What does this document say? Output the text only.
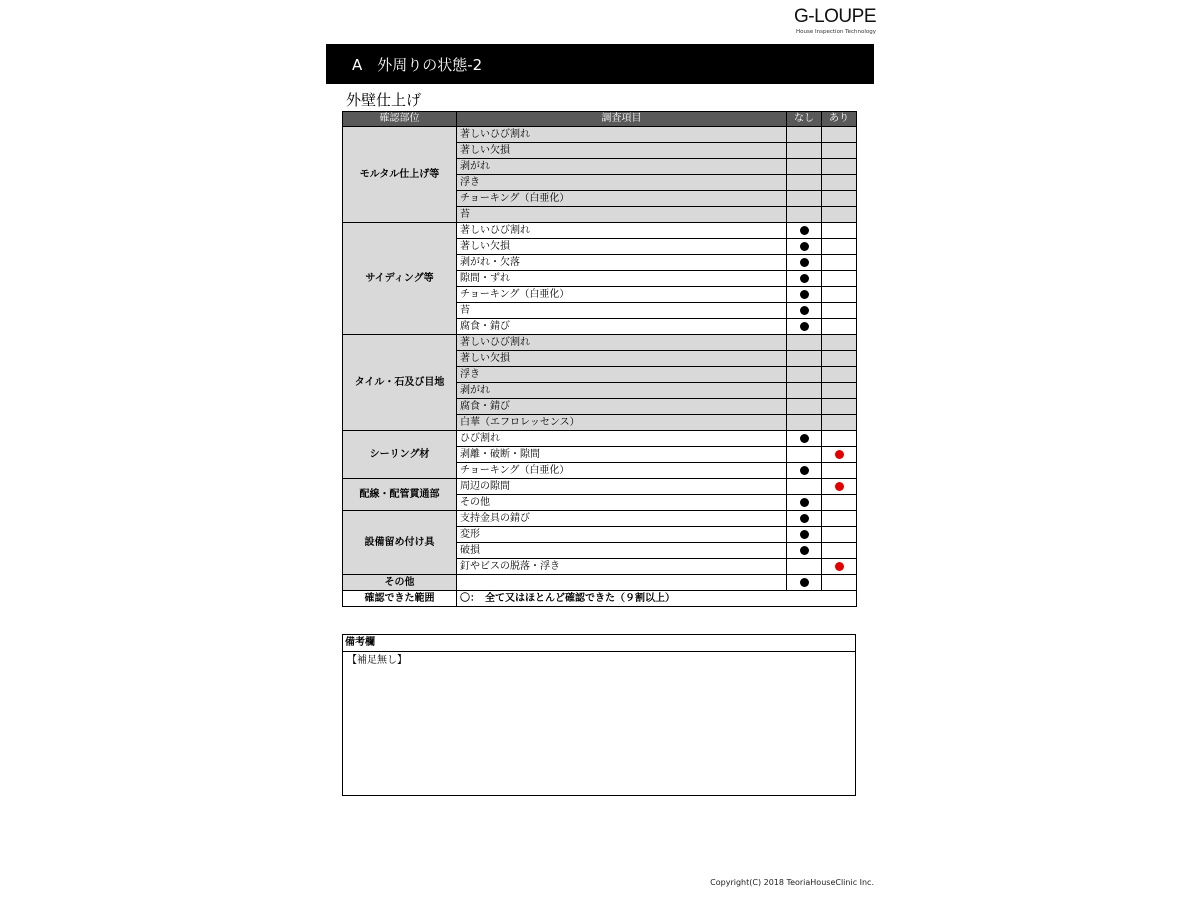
G-LOUPE
House Inspection Technology
A　外周りの状態-2
外壁仕上げ
確認部位	調査項目	なし	あり
モルタル仕上げ等	著しいひび割れ		
	著しい欠損		
	剥がれ		
	浮き		
	チョーキング（白亜化）		
	苔		
サイディング等	著しいひび割れ		
	著しい欠損		
	剥がれ・欠落		
	隙間・ずれ		
	チョーキング（白亜化）		
	苔		
	腐食・錆び		
タイル・石及び目地	著しいひび割れ		
	著しい欠損		
	浮き		
	剥がれ		
	腐食・錆び		
	白華（エフロレッセンス）		
シーリング材	ひび割れ		
	剥離・破断・隙間		
	チョーキング（白亜化）		
配線・配管貫通部	周辺の隙間		
	その他		
設備留め付け具	支持金具の錆び		
	変形		
	破損		
	釘やビスの脱落・浮き		
その他			
確認できた範囲	〇：　全て又はほとんど確認できた（９割以上）		
備考欄
【補足無し】
Copyright(C) 2018 TeoriaHouseClinic Inc.
